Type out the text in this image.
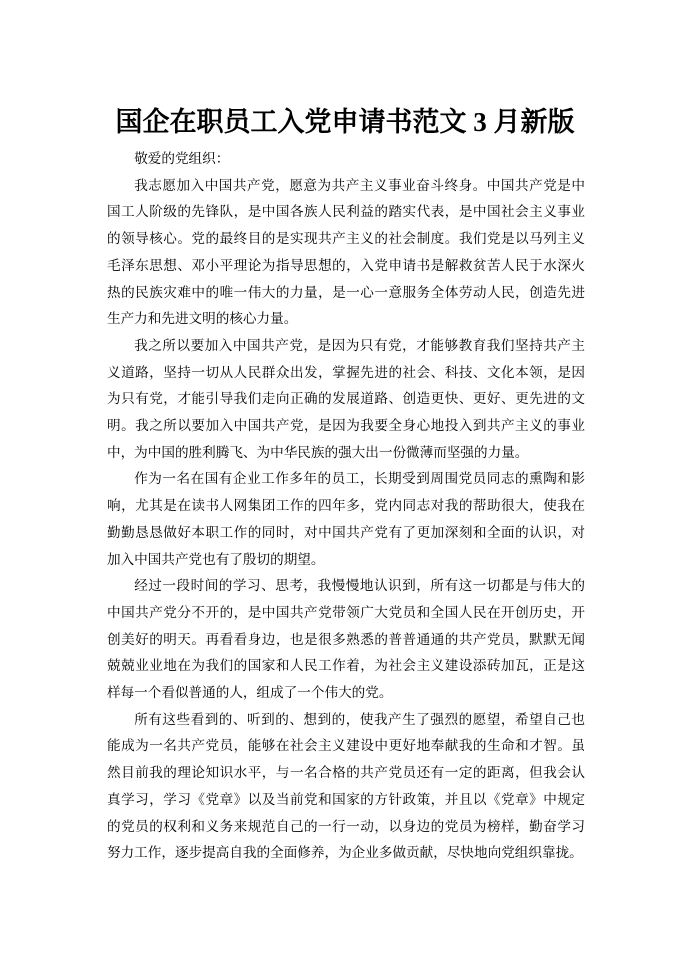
国企在职员工入党申请书范文 3 月新版
敬爱的党组织：
我志愿加入中国共产党，愿意为共产主义事业奋斗终身。中国共产党是中
国工人阶级的先锋队，是中国各族人民利益的踏实代表，是中国社会主义事业
的领导核心。党的最终目的是实现共产主义的社会制度。我们党是以马列主义
毛泽东思想、邓小平理论为指导思想的，入党申请书是解救贫苦人民于水深火
热的民族灾难中的唯一伟大的力量，是一心一意服务全体劳动人民，创造先进
生产力和先进文明的核心力量。
我之所以要加入中国共产党，是因为只有党，才能够教育我们坚持共产主
义道路，坚持一切从人民群众出发，掌握先进的社会、科技、文化本领，是因
为只有党，才能引导我们走向正确的发展道路、创造更快、更好、更先进的文
明。我之所以要加入中国共产党，是因为我要全身心地投入到共产主义的事业
中，为中国的胜利腾飞、为中华民族的强大出一份微薄而坚强的力量。
作为一名在国有企业工作多年的员工，长期受到周围党员同志的熏陶和影
响，尤其是在读书人网集团工作的四年多，党内同志对我的帮助很大，使我在
勤勤恳恳做好本职工作的同时，对中国共产党有了更加深刻和全面的认识，对
加入中国共产党也有了殷切的期望。
经过一段时间的学习、思考，我慢慢地认识到，所有这一切都是与伟大的
中国共产党分不开的，是中国共产党带领广大党员和全国人民在开创历史，开
创美好的明天。再看看身边，也是很多熟悉的普普通通的共产党员，默默无闻
兢兢业业地在为我们的国家和人民工作着，为社会主义建设添砖加瓦，正是这
样每一个看似普通的人，组成了一个伟大的党。
所有这些看到的、听到的、想到的，使我产生了强烈的愿望，希望自己也
能成为一名共产党员，能够在社会主义建设中更好地奉献我的生命和才智。虽
然目前我的理论知识水平，与一名合格的共产党员还有一定的距离，但我会认
真学习，学习《党章》以及当前党和国家的方针政策，并且以《党章》中规定
的党员的权利和义务来规范自己的一行一动，以身边的党员为榜样，勤奋学习
努力工作，逐步提高自我的全面修养，为企业多做贡献，尽快地向党组织靠拢。
